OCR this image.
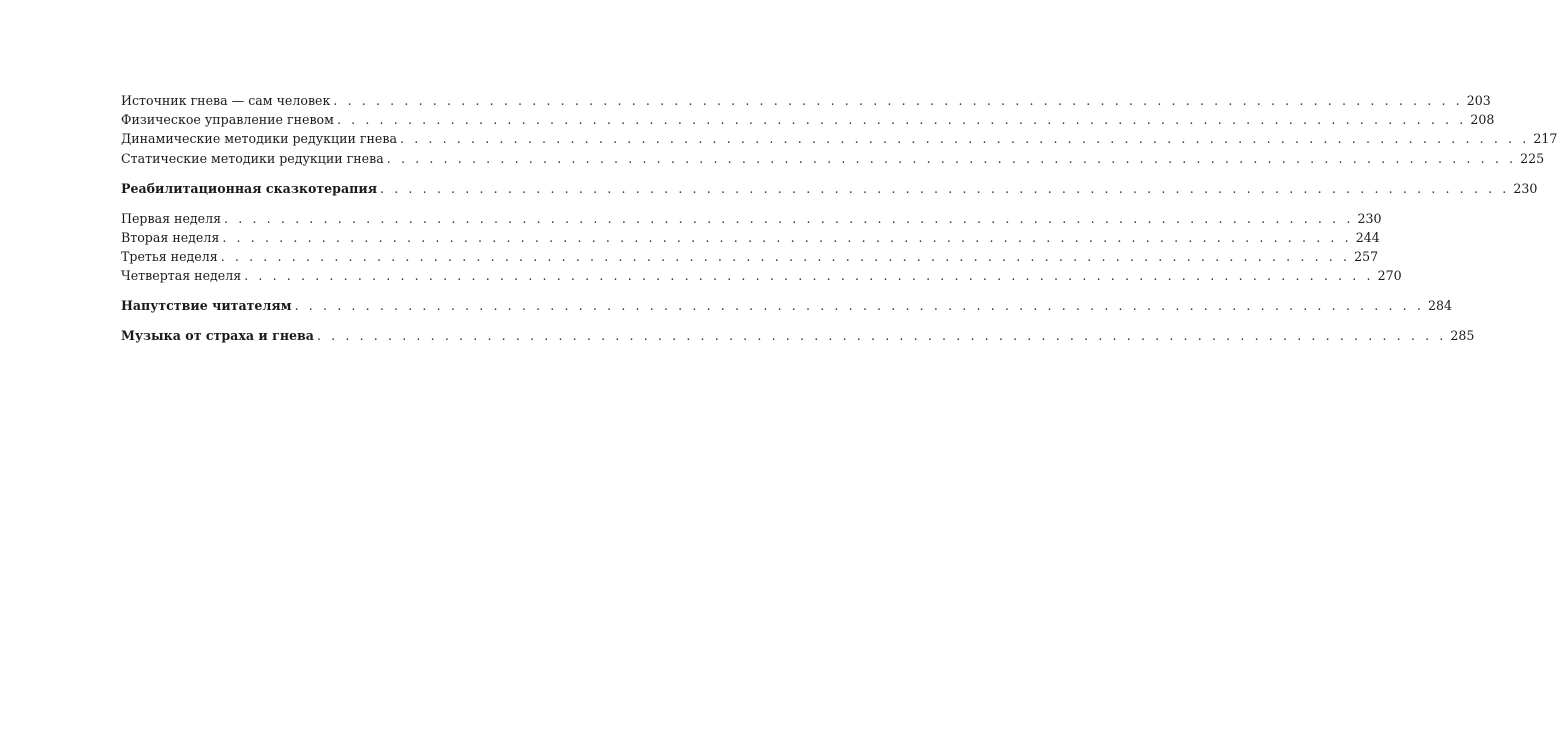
Источник гнева — сам человек . . . . . . . . . . . . . . . . . . . . . . . . . . . . . . . . . . . . . . . . . . . . . . . . . . . . . . . . . . . . . . . . . . . . . . . . . . . . . . . . 203
Физическое управление гневом . . . . . . . . . . . . . . . . . . . . . . . . . . . . . . . . . . . . . . . . . . . . . . . . . . . . . . . . . . . . . . . . . . . . . . . . . . . . . . . . 208
Динамические методики редукции гнева . . . . . . . . . . . . . . . . . . . . . . . . . . . . . . . . . . . . . . . . . . . . . . . . . . . . . . . . . . . . . . . . . . . . . . . . . . . . . . . . 217
Статические методики редукции гнева . . . . . . . . . . . . . . . . . . . . . . . . . . . . . . . . . . . . . . . . . . . . . . . . . . . . . . . . . . . . . . . . . . . . . . . . . . . . . . . . 225
Реабилитационная сказкотерапия . . . . . . . . . . . . . . . . . . . . . . . . . . . . . . . . . . . . . . . . . . . . . . . . . . . . . . . . . . . . . . . . . . . . . . . . . . . . . . . . 230
Первая неделя . . . . . . . . . . . . . . . . . . . . . . . . . . . . . . . . . . . . . . . . . . . . . . . . . . . . . . . . . . . . . . . . . . . . . . . . . . . . . . . . 230
Вторая неделя . . . . . . . . . . . . . . . . . . . . . . . . . . . . . . . . . . . . . . . . . . . . . . . . . . . . . . . . . . . . . . . . . . . . . . . . . . . . . . . . 244
Третья неделя . . . . . . . . . . . . . . . . . . . . . . . . . . . . . . . . . . . . . . . . . . . . . . . . . . . . . . . . . . . . . . . . . . . . . . . . . . . . . . . . 257
Четвертая неделя . . . . . . . . . . . . . . . . . . . . . . . . . . . . . . . . . . . . . . . . . . . . . . . . . . . . . . . . . . . . . . . . . . . . . . . . . . . . . . . . 270
Напутствие читателям . . . . . . . . . . . . . . . . . . . . . . . . . . . . . . . . . . . . . . . . . . . . . . . . . . . . . . . . . . . . . . . . . . . . . . . . . . . . . . . . 284
Музыка от страха и гнева . . . . . . . . . . . . . . . . . . . . . . . . . . . . . . . . . . . . . . . . . . . . . . . . . . . . . . . . . . . . . . . . . . . . . . . . . . . . . . . . 285
